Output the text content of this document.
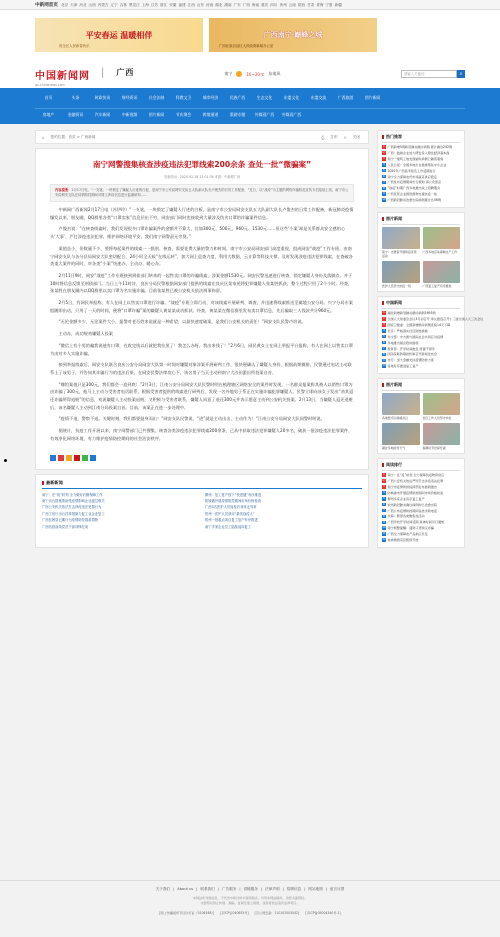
中新网首页 北京 天津 河北 山西 内蒙古 辽宁 吉林 黑龙江 上海 江苏 浙江 安徽 福建 江西 山东 河南 湖北 湖南 广东 广西 海南 重庆 四川 贵州 云南 陕西 甘肃 青海 宁夏 新疆
平安春运 温暖相伴
祝全区人民新春快乐
广西南宁·巅峰之城
广西壮族自治区人民政府新闻办公室
中国新闻网 | 广西
gx.chinanews.com
南宁	10~20℃ 东南风	请输入关键词	⌕
首页	头条	时政快讯	财经资讯	社会法制	科教文卫	城市经济	民族广西	生态文化	东盟文化	东盟交流	广西旅游	图片新闻
房地产	金融资讯	汽车新闻	中新视频	图片新闻	节庆聚会	跨境通道	重磅专题	外媒看广西	外媒看广西
⌂ 您的位置：首页 > 广西新闻	⎙ 打印 × 关闭
南宁网警搜集核查涉疫违法犯罪线索200余条 查处一批“微骗案”
发表时间：2020-02-18 12:01:36 来源：中新网广西
内容提要：2月17日电，“一支笔，一块锁定了嫌疑人行迹的白板，是南宁市公安局网安支队五大队副大队长卢俊杰的日常工作配备，”近日，以“战疫”为主题的网络诈骗防范宣传专栏陆续上线，南宁市公安局网安支队在疫情防控期间对网上涉疫信息进行监测研判......

中新网广西新闻2月17日电（苏伊玲）“一支笔，一块锁定了嫌疑人行迹的白板，是南宁市公安局网安支队五大队副大队长卢俊杰的日常工作配备，新冠肺炎疫情爆发以来，朋友圈、QQ群里各类“口罩卖家”信息层出不穷，网安部门同时也接收到大量涉及伪劣口罩的诈骗案件信息。

卢俊杰说：“在核查线索时，我们发现很多口罩诈骗案件的金额并不算大，比如300元、500元、960元、1530元……但这些‘小案’却是关系群众安全感的心头‘大事’，严打涉疫违法犯罪，维护网络环境平安，我们南宁网警责无旁贷。”

案值虽小，但数量不少，要将每起案件的线索一一甄别、核查，需要花费大量的警力和时间。南宁市公安局网安部门高度重视，组成网安“战疫”工作专班，由南宁网安支队与各分县局网安大队密切配合，24小时全天候“在线运转”，加大网上巡查力度，利用大数据、云计算等科技支撑，及时发现涉疫违法犯罪线索，在查破各类重大案件的同时，对各类“小案”快速办、主动办、暖心办。

2月11日9时，网安“战疫”工作专班接到刑侦部门转来的一起售卖口罩的诈骗线索，涉案金额1530元。网安民警迅速进行核查，锁定嫌疑人身份及落脚点，并于10时将信息反馈至刑侦部门。当日上午11时许，良庆分局民警根据网安部门提供的线索在良庆区某家苑将犯罪嫌疑人张某胜抓获，整个过程只用了2个小时。经查，张某胜在朋友圈内以QQ群里以卖口罩为名实施诈骗。目前张某胜已被公安机关依法刑事拘留。

2月5日，有网民举报称，有人在网上以售卖口罩进行诈骗。“战疫”专班立即行动，对该线索开展研判、调查，并迅速将线索推送至属地公安分局。兴宁分局专案组随即出动，只用了一天的时间，便将“口罩诈骗”案的嫌疑人黄某某成功抓获。经查，黄某某在微信群里发布卖口罩信息，先后骗取三人钱款共计960元。

“无论金额多少，无论案件大小，报警对老百姓来说就是一种希望，以最快速度破案，是我们公安机关的责任！”网安支队民警卢培说。

主动办，成功规劝嫌疑人投案

“微信上有个男的骗我说他有口罩，在收完钱以后就把我拉黑了！我怎么办呀，我出来钱了！”2月6日，网民黄女士在网上举报平台报称，有人在网上以售卖口罩为由对多人实施诈骗。

接到举报线索后，网安支队联合良庆公安分局网安大队第一时间对嫌疑对象涉案开展研判工作，很快便确认了嫌疑人身份，根据前期摸排，民警通过电话主动联系上了该男子，并告知其诈骗行为的违法后果，在网安民警法律攻心下，该名男子当天主动到南宁大沙田派出所投案自首。

“哪怕案值只是300元，我们都会一追到底！”2月3日，江南公安分局网安大队民警时明在梳理辖区网络安全的案件时发现，一名群众报案称其被人以销售口罩为由诈骗了300元，他马上主动与受害者电话联系，根据受害者提供的线索进行研判后，发现一名外地男子系正在实施诈骗犯罪嫌疑人。民警立即向该女子发出“劝其返还诈骗所得退赃”的信息，劝说嫌疑人主动投案退赃，又积极与受害者联系，嫌疑人同意了退还300元并表示愿意主动到公安机关投案。2月13日，当嫌疑人返还退赃后，该名嫌疑人主动到江南分局投案自首。目前，该案正在进一步处理中。

“疫情不退，警察不退。关键时刻，我们都要挺身而出！”网安支队民警说，“进”就是主动出击，主动作为！“江南公安分局网安大队同警时明说。

据统计，抗疫工作开展以来，南宁网警部门已共搜集、核查各类涉疫违法犯罪线索200余条，已从中获取违法犯罪嫌疑人20多名，破获一批涉疫违法犯罪案件，有效净化网络环境，有力维护疫情防控期间的社会治安秩序。

最新新闻
南宁：在“疫”时刻 全力做好后勤保障工作
南宁出台措施帮助受疫情影响企业渡过难关
广西公安机关依法打击涉疫违法犯罪行为
广西工信厅出台扶持措施力促工业企业复工
广西贫困县已累计为疫情防控捐款捐物
广西抗疫前线党员干部冲锋在前
柳州：复工复产按下“快进键”有序推进
防城港开展疫情防控期间市场价格检查
广西3名医护人员返桂后身体无异常
贺州一医护人员获评“最美战疫人”
梧州一批重点项目复工复产有序推进
南宁多家企业员工陆续返岗复工
热门推荐
1 广西新增5例新冠肺炎确诊病例 累计确诊242例
2 广西：鼓励企业加大研发投入稳住经济基本盘
3 南宁一建筑工地发现疑似病例已隔离观察
4 人民日报：全国多地出台措施帮扶中小企业
5 2020年广西高考报名工作延期进行
6 南宁全力保障农贸市场蔬菜供应稳定
7 广西发布疫情期间出行须知 请公众留意
8 “战疫”时期广西多地推出线上招聘服务
9 广西民营企业捐款捐物支援抗疫一线
10 广西新冠肺炎治愈出院病例累计达56例
图片新闻
南宁：志愿者开展防疫宣传活动
广西多地启动春耕生产工作
医护人员坚守抗疫一线	广西复工复产有序推进
中国新闻
1 湖北新增新冠肺炎确诊病例1693例
2 全国人大常委会会议3月初召开 审议推迟召开十三届全国人大三次会议
3 国家卫健委：全国新增确诊病例连续14天下降
4 北京：严格落实社区防控措施
5 外交部：中方愿与国际社会共同应对疫情
6 多地推出援企稳岗措施
7 教育部：开学时间推迟 停课不停学
8 国务院联防联控机制召开新闻发布会
9 央行：加大金融支持疫情防控力度
10 各地有序推进复工复产
图片新闻
各地医疗队驰援武汉	社区工作人员坚守岗位
湖北多地雨雪天气	春耕时节田间忙碌
阅读排行
1 南宁：在“疫”时刻 全力保障抗疫物资供应
2 广西公安机关依法严厉打击涉疫违法犯罪
3 南宁市疫情防控指挥部发布最新通告
4 防城港市开展疫情防控期间市场价格检查
5 柳州多家企业有序复工复产
6 钦州新冠肺炎确诊病例均已治愈出院
7 广西公布疫情防控期间各类求助电话
8 北海：暂停各类聚集性活动
9 广西学校开学时间延期 具体时间另行通知
10 南宁网警提醒：谨防口罩购买诈骗
11 广西全力保障农产品供应充足
12 桂林旅游景区暂停开放
关于我们 | About us | 联系我们 | 广告服务 | 供稿服务 | 法律声明 | 招聘信息 | 网站地图 | 留言反馈
本网站所刊载信息，不代表中新社和中新网观点。刊用本网站稿件，务经书面授权。
未经授权禁止转载、摘编、复制及建立镜像，违者将依法追究法律责任。
[网上传播视听节目许可证（0106168）] [京ICP证040655号] [京公网安备：110102003042] [京ICP备05004340号-1]
